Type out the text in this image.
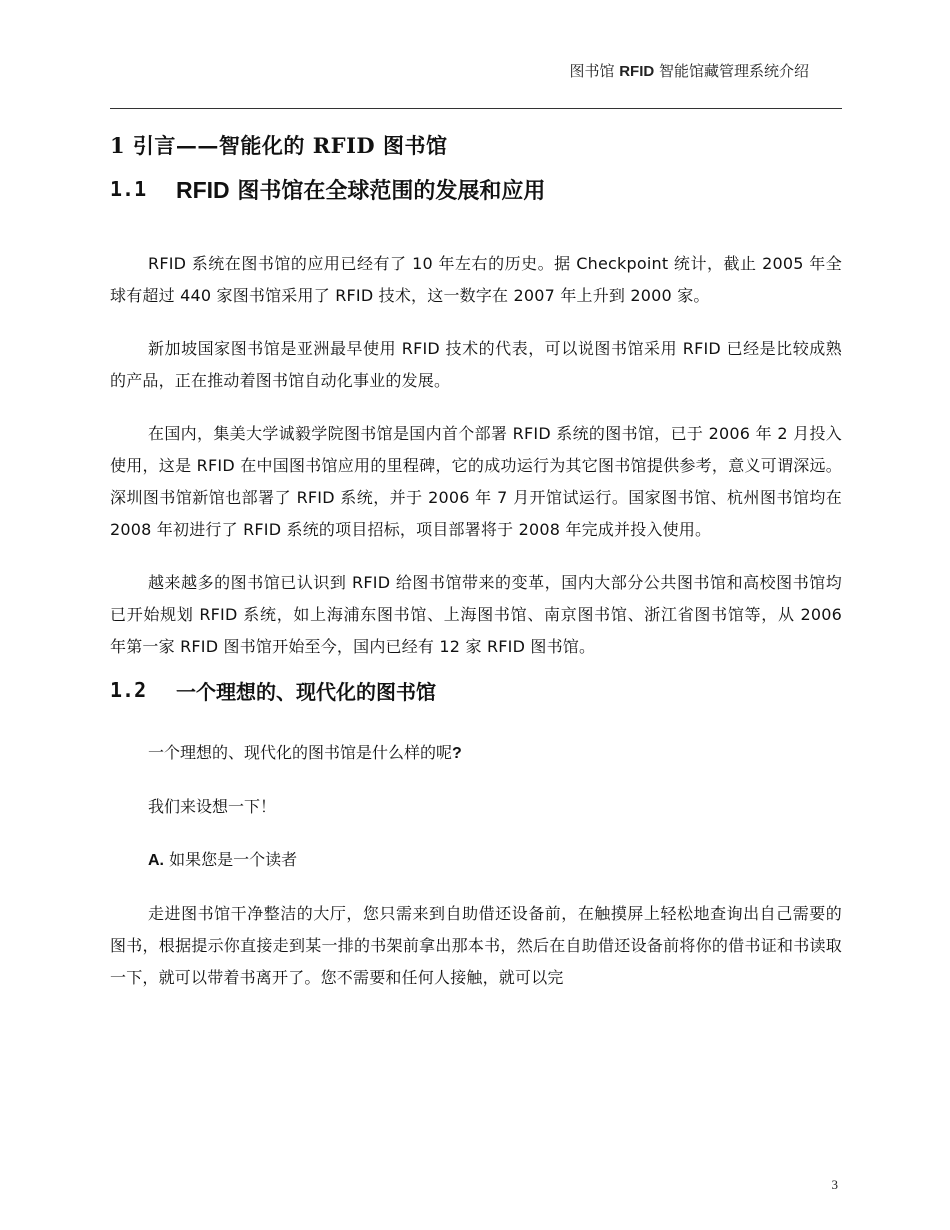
图书馆 RFID 智能馆藏管理系统介绍
1 引言——智能化的 RFID 图书馆
1.1	RFID 图书馆在全球范围的发展和应用

RFID 系统在图书馆的应用已经有了 10 年左右的历史。据 Checkpoint 统计，截止 2005 年全球有超过 440 家图书馆采用了 RFID 技术，这一数字在 2007 年上升到 2000 家。

新加坡国家图书馆是亚洲最早使用 RFID 技术的代表，可以说图书馆采用 RFID 已经是比较成熟的产品，正在推动着图书馆自动化事业的发展。

在国内，集美大学诚毅学院图书馆是国内首个部署 RFID 系统的图书馆，已于 2006 年 2 月投入使用，这是 RFID 在中国图书馆应用的里程碑，它的成功运行为其它图书馆提供参考，意义可谓深远。深圳图书馆新馆也部署了 RFID 系统，并于 2006 年 7 月开馆试运行。国家图书馆、杭州图书馆均在 2008 年初进行了 RFID 系统的项目招标，项目部署将于 2008 年完成并投入使用。

越来越多的图书馆已认识到 RFID 给图书馆带来的变革，国内大部分公共图书馆和高校图书馆均已开始规划 RFID 系统，如上海浦东图书馆、上海图书馆、南京图书馆、浙江省图书馆等，从 2006 年第一家 RFID 图书馆开始至今，国内已经有 12 家 RFID 图书馆。

1.2	一个理想的、现代化的图书馆

一个理想的、现代化的图书馆是什么样的呢?

我们来设想一下！

A. 如果您是一个读者

走进图书馆干净整洁的大厅，您只需来到自助借还设备前，在触摸屏上轻松地查询出自己需要的图书，根据提示你直接走到某一排的书架前拿出那本书，然后在自助借还设备前将你的借书证和书读取一下，就可以带着书离开了。您不需要和任何人接触，就可以完

3
